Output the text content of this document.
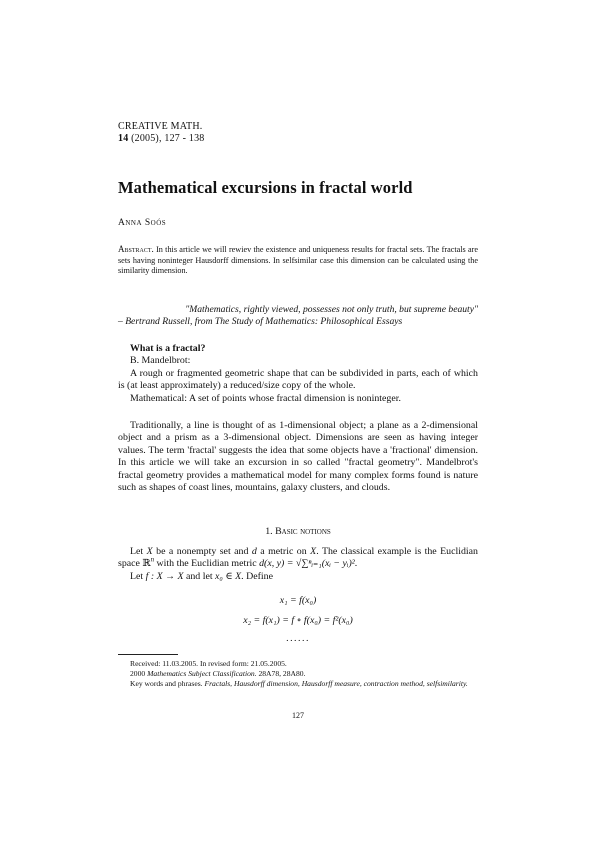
CREATIVE MATH.
14 (2005), 127 - 138
Mathematical excursions in fractal world
Anna Soós
Abstract. In this article we will rewiev the existence and uniqueness results for fractal sets. The fractals are sets having noninteger Hausdorff dimensions. In selfsimilar case this dimension can be calculated using the similarity dimension.
"Mathematics, rightly viewed, possesses not only truth, but supreme beauty"
– Bertrand Russell, from The Study of Mathematics: Philosophical Essays

What is a fractal?

B. Mandelbrot:

A rough or fragmented geometric shape that can be subdivided in parts, each of which is (at least approximately) a reduced/size copy of the whole.

Mathematical: A set of points whose fractal dimension is noninteger.

Traditionally, a line is thought of as 1-dimensional object; a plane as a 2-dimensional object and a prism as a 3-dimensional object. Dimensions are seen as having integer values. The term 'fractal' suggests the idea that some objects have a 'fractional' dimension. In this article we will take an excursion in so called "fractal geometry". Mandelbrot's fractal geometry provides a mathematical model for many complex forms found is nature such as shapes of coast lines, mountains, galaxy clusters, and clouds.

1. Basic notions

Let X be a nonempty set and d a metric on X. The classical example is the Euclidian space ℝ$^n$ with the Euclidian metric d(x, y) = √∑ⁿᵢ₌₁(xᵢ − yᵢ)².

Let f : X → X and let x₀ ∈ X. Define

x₁ = f(x₀)
x₂ = f(x₁) = f ∘ f(x₀) = f²(x₀)
......

Received: 11.03.2005. In revised form: 21.05.2005.

2000 Mathematics Subject Classification. 28A78, 28A80.

Key words and phrases. Fractals, Hausdorff dimension, Hausdorff measure, contraction method, selfsimilarity.

127
